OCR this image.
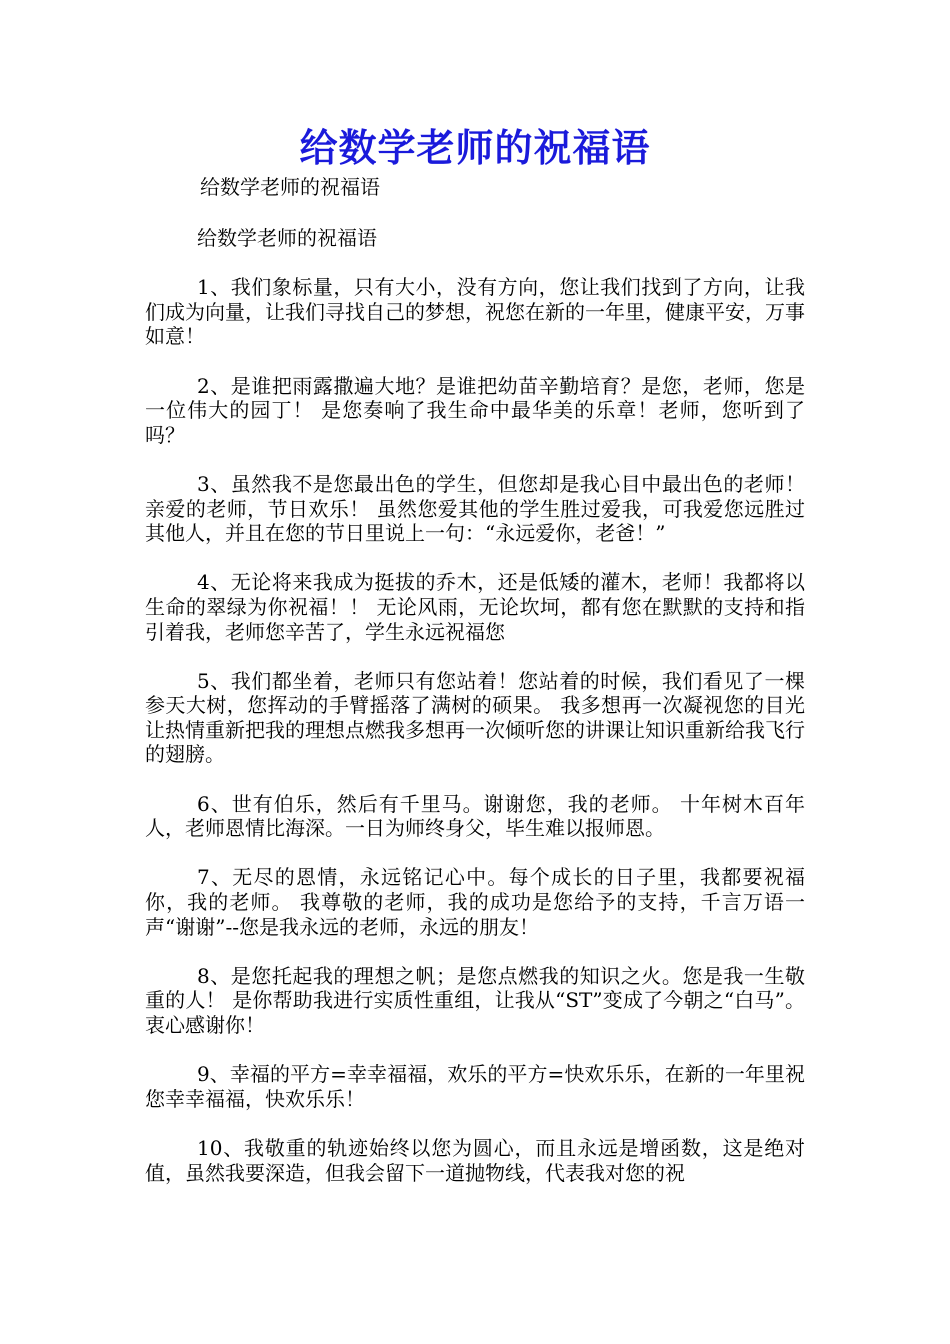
给数学老师的祝福语
给数学老师的祝福语

给数学老师的祝福语

1、我们象标量，只有大小，没有方向，您让我们找到了方向，让我们成为向量，让我们寻找自己的梦想，祝您在新的一年里，健康平安，万事如意！

2、是谁把雨露撒遍大地？是谁把幼苗辛勤培育？是您，老师，您是一位伟大的园丁！ 是您奏响了我生命中最华美的乐章！老师，您听到了吗？

3、虽然我不是您最出色的学生，但您却是我心目中最出色的老师！亲爱的老师，节日欢乐！ 虽然您爱其他的学生胜过爱我，可我爱您远胜过其他人，并且在您的节日里说上一句：“永远爱你，老爸！”

4、无论将来我成为挺拔的乔木，还是低矮的灌木，老师！我都将以生命的翠绿为你祝福！！ 无论风雨，无论坎坷，都有您在默默的支持和指引着我，老师您辛苦了，学生永远祝福您

5、我们都坐着，老师只有您站着！您站着的时候，我们看见了一棵参天大树，您挥动的手臂摇落了满树的硕果。 我多想再一次凝视您的目光让热情重新把我的理想点燃我多想再一次倾听您的讲课让知识重新给我飞行的翅膀。

6、世有伯乐，然后有千里马。谢谢您，我的老师。 十年树木百年人，老师恩情比海深。一日为师终身父，毕生难以报师恩。

7、无尽的恩情，永远铭记心中。每个成长的日子里，我都要祝福你，我的老师。 我尊敬的老师，我的成功是您给予的支持，千言万语一声“谢谢”--您是我永远的老师，永远的朋友！

8、是您托起我的理想之帆；是您点燃我的知识之火。您是我一生敬重的人！ 是你帮助我进行实质性重组，让我从“ST”变成了今朝之“白马”。衷心感谢你！

9、幸福的平方=幸幸福福，欢乐的平方=快欢乐乐，在新的一年里祝您幸幸福福，快欢乐乐！

10、我敬重的轨迹始终以您为圆心，而且永远是增函数，这是绝对值，虽然我要深造，但我会留下一道抛物线，代表我对您的祝
